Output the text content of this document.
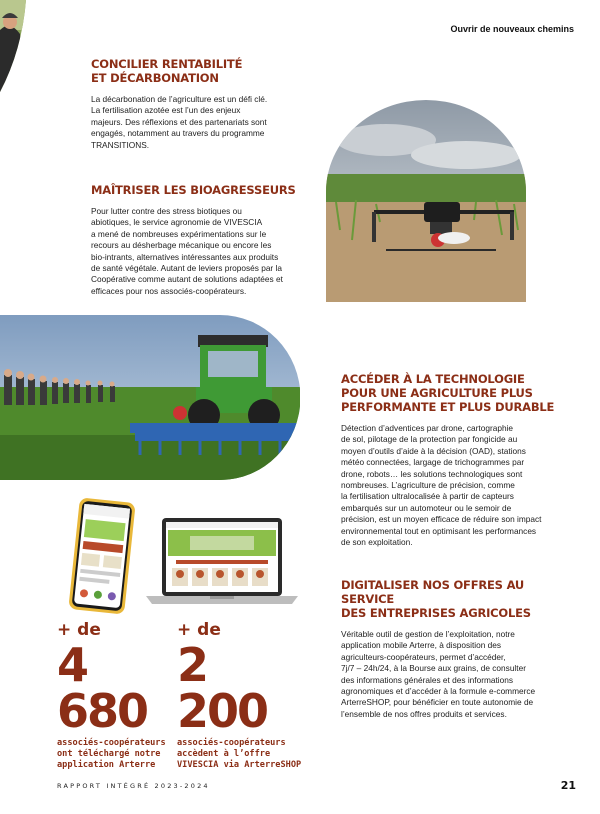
Ouvrir de nouveaux chemins

CONCILIER RENTABILITÉ
ET DÉCARBONATION

La décarbonation de l’agriculture est un défi clé.

La fertilisation azotée est l’un des enjeux

majeurs. Des réflexions et des partenariats sont

engagés, notamment au travers du programme

TRANSITIONS.

MAÎTRISER LES BIOAGRESSEURS

Pour lutter contre des stress biotiques ou

abiotiques, le service agronomie de VIVESCIA

a mené de nombreuses expérimentations sur le

recours au désherbage mécanique ou encore les

bio-intrants, alternatives intéressantes aux produits

de santé végétale. Autant de leviers proposés par la

Coopérative comme autant de solutions adaptées et

efficaces pour nos associés-coopérateurs.

ACCÉDER À LA TECHNOLOGIE
POUR UNE AGRICULTURE PLUS
PERFORMANTE ET PLUS DURABLE

Détection d’adventices par drone, cartographie

de sol, pilotage de la protection par fongicide au

moyen d’outils d’aide à la décision (OAD), stations

météo connectées, largage de trichogrammes par

drone, robots… les solutions technologiques sont

nombreuses. L’agriculture de précision, comme

la fertilisation ultralocalisée à partir de capteurs

embarqués sur un automoteur ou le semoir de

précision, est un moyen efficace de réduire son impact

environnemental tout en optimisant les performances

de son exploitation.

+ de
4 680
associés-coopérateurs
ont téléchargé notre
application Arterre
+ de
2 200
associés-coopérateurs
accèdent à l’offre
VIVESCIA via ArterreSHOP

DIGITALISER NOS OFFRES AU SERVICE
DES ENTREPRISES AGRICOLES

Véritable outil de gestion de l’exploitation, notre

application mobile Arterre, à disposition des

agriculteurs-coopérateurs, permet d’accéder,

7j/7 – 24h/24, à la Bourse aux grains, de consulter

des informations générales et des informations

agronomiques et d’accéder à la formule e-commerce

ArterreSHOP, pour bénéficier en toute autonomie de

l’ensemble de nos offres produits et services.

RAPPORT INTÉGRÉ 2023-2024	21
